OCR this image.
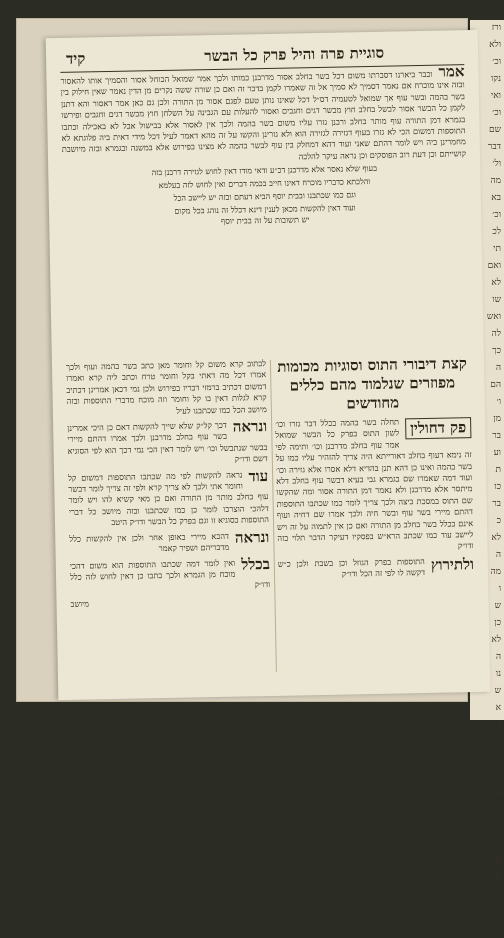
ורז
ולא
וכ׳
נקו
ואי
וכ׳
שם
דבר
ול׳
מה
בא
וכ׳
לכ
תי
ואם
לא
שו
ואש
לה
כך
ה
הם
ו׳
מן
בר
וע
ת
כו
בר
כ
לא
ה
מה
ו
ש
כן
לא
ה
נו
ש
א
נ
ו
ב
ו
א
ו
ב
ב
מ
ה
ש
ו
ב
סוגיית פרה והיל פרק כל הבשר
קיד
אמר

וכבר ביארנו דסברתו משום דכל בשר בחלב אסור מדרבנן כמותו ולכך אמר שמואל הכוחל אסור והסמיך אותו להאסור ובזה אינו מוכרח אם נאמר דסמיך לא סמיך אל זה שאמרו לקמן בדבר זה ואם כן שורה ששה נקרים מן הדין נאמר שאין חילוק בין בשר בהמה ובשר עוף אך שמואל לטעמיה דס״ל דכל שאינו נותן טעם לפגם אסור מן התורה ולכן גם כאן אמר דאסור והא דתנן לקמן כל הבשר אסור לבשל בחלב חוץ מבשר דגים וחגבים ואסור להעלות עם הגבינה על השלחן חוץ מבשר דגים וחגבים ופירשו בגמרא דמן התורה עוף מותר בחלב ורבנן גזרו עליו משום בשר בהמה ולכך אין לאסור אלא בבישול אבל לא באכילה וכתבו התוספות דמשום הכי לא גזרו בעוף דגזירה לגזירה הוא ולא גזרינן והקשו על זה מהא דאמר לעיל דכל מידי דאית ביה פלוגתא לא מחמרינן ביה ויש לומר דהתם שאני ועוד דהא דמחלק בין עוף לבשר בהמה לא מצינו בפירוש אלא במשנה ובגמרא ובזה מיושבת קושייתם וכן דעת רוב הפוסקים וכן נראה עיקר להלכה

בעוף שלא נאסר אלא מדרבנן דכ״ע ודאי מודו דאין לחוש לגזירה דרבנן בזה
והלכתא כדבריו מוכרח דאינו חייב בכמה דברים ואין לחוש לזה בעלמא
וגם כמו שכתבנו ובבית יוסף הביא דעתם ובזה יש ליישב הכל
ועוד דאין להקשות מכאן לענין דינא דכלל זה נוהג בכל מקום
יש תשובות על זה בבית יוסף
קצת דיבורי התוס וסוגיות מכומות מפוזרים שנלמוד מהם כללים מחודשים
פק דחולין

תחלה בשר בהמה בכלל דבר גזרו וכו׳ לשון התוס בפרק כל הבשר שמואל אמר עוף בחלב מדרבנן וכו׳ ותימה לפי זה נימא דעוף בחלב דאורייתא היה צריך להזהיר עליו כמו על בשר בהמה ואינו כן דהא תנן בהדיא דלא אסרו אלא גזירה וכו׳ ועוד דמה שאמרו שם בגמרא גבי בעיא דבשר עוף בחלב דלא מיתסר אלא מדרבנן ולא נאמר דמן התורה אסור ומה שהקשו שם התוס במסכת ביצה ולכך צריך לומר כמו שכתבו התוספות דהתם מיירי בשר עוף ובשר חיה ולכך אמרו שם דחיה ועוף אינם בכלל בשר בחלב מן התורה ואם כן אין לתמוה על זה ויש ליישב עוד כמו שכתב הרא״ש בפסקיו דעיקר הדבר תלוי בזה ודו״ק

ולתירוץ

התוספות בפרק הגוזל וכן בשבת ולכן כ״ש דקשה לו לפי זה הכל ודו״ק

לבתוב קרא משום קל וחומר מאן כתב בשר בהמה ועוף ולכך אמרו דכל מה דאתי בקל וחומר טרח וכתב ליה קרא ואמרו דמשום דכתיב ברמזי דבריו בפירוש ולכן נמי דכאן אמרינן דכתיב קרא לגלות דאין בו קל וחומר וזה מוכח מדברי התוספות ובזה מיושב הכל כמו שכתבנו לעיל

ונראה

דכך קל״ק שלא שייך להקשות דאם כן היכי אמרינן בשר עוף בחלב מדרבנן ולכך אמרו דהתם מיירי בבשר שנתבשל וכו׳ ויש לומר דאין הכי נמי דכך הוא לפי הסוגיא דשם ודו״ק

עוד

נראה להקשות לפי מה שכתבו התוספות דמשום קל וחומר אתי ולכך לא צריך קרא ולפי זה צריך לומר דבשר עוף בחלב מותר מן התורה ואם כן מאי קשיא להו ויש לומר דלהכי הוצרכו לומר כן כמו שכתבנו ובזה מיושב כל דברי התוספות בסוגיא זו וגם בפרק כל הבשר ודו״ק היטב

ונראה

דהכא מיירי באופן אחר ולכן אין להקשות כלל מדבריהם ושפיר קאמר

בכלל

ואין לומר דמה שכתבו התוספות הוא משום דהכי מוכח מן הגמרא ולכך כתבו כן דאין לחוש לזה כלל ודו״ק

מיושב
